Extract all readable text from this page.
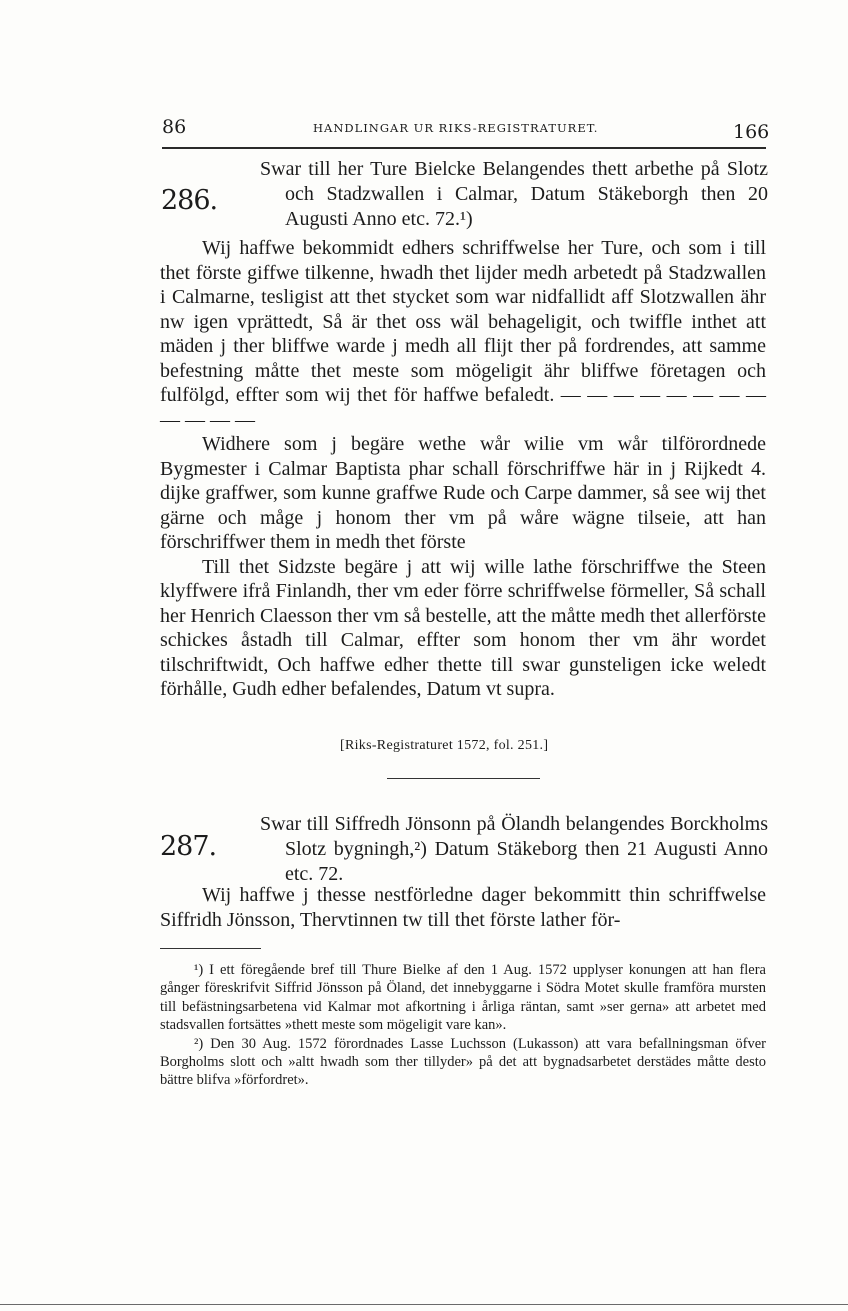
86	HANDLINGAR UR RIKS-REGISTRATURET.	166
286.
Swar till her Ture Bielcke Belangendes thett arbethe på Slotz och Stadzwallen i Calmar, Datum Stäkeborgh then 20 Augusti Anno etc. 72.¹)

Wij haffwe bekommidt edhers schriffwelse her Ture, och som i till thet förste giffwe tilkenne, hwadh thet lijder medh arbetedt på Stadzwallen i Calmarne, tesligist att thet stycket som war nidfallidt aff Slotzwallen ähr nw igen vprättedt, Så är thet oss wäl behageligit, och twiffle inthet att mäden j ther bliffwe warde j medh all flijt ther på fordrendes, att samme befestning måtte thet meste som mögeligit ähr bliffwe företagen och fulfölgd, effter som wij thet för haffwe befaledt. — — — — — — — — — — — —

Widhere som j begäre wethe wår wilie vm wår tilförordnede Bygmester i Calmar Baptista phar schall förschriffwe här in j Rijkedt 4. dijke graffwer, som kunne graffwe Rude och Carpe dammer, så see wij thet gärne och måge j honom ther vm på wåre wägne tilseie, att han förschriffwer them in medh thet förste

Till thet Sidzste begäre j att wij wille lathe förschriffwe the Steen klyffwere ifrå Finlandh, ther vm eder förre schriffwelse förmeller, Så schall her Henrich Claesson ther vm så bestelle, att the måtte medh thet allerförste schickes åstadh till Calmar, effter som honom ther vm ähr wordet tilschriftwidt, Och haffwe edher thette till swar gunsteligen icke weledt förhålle, Gudh edher befalendes, Datum vt supra.

[Riks-Registraturet 1572, fol. 251.]
287.
Swar till Siffredh Jönsonn på Ölandh belangendes Borckholms Slotz bygningh,²) Datum Stäkeborg then 21 Augusti Anno etc. 72.

Wij haffwe j thesse nestförledne dager bekommitt thin schriffwelse Siffridh Jönsson, Thervtinnen tw till thet förste lather för-

¹) I ett föregående bref till Thure Bielke af den 1 Aug. 1572 upplyser konungen att han flera gånger föreskrifvit Siffrid Jönsson på Öland, det innebyggarne i Södra Motet skulle framföra mursten till befästningsarbetena vid Kalmar mot afkortning i årliga räntan, samt »ser gerna» att arbetet med stadsvallen fortsättes »thett meste som mögeligit vare kan».

²) Den 30 Aug. 1572 förordnades Lasse Luchsson (Lukasson) att vara befallningsman öfver Borgholms slott och »altt hwadh som ther tillyder» på det att bygnadsarbetet derstädes måtte desto bättre blifva »förfordret».
